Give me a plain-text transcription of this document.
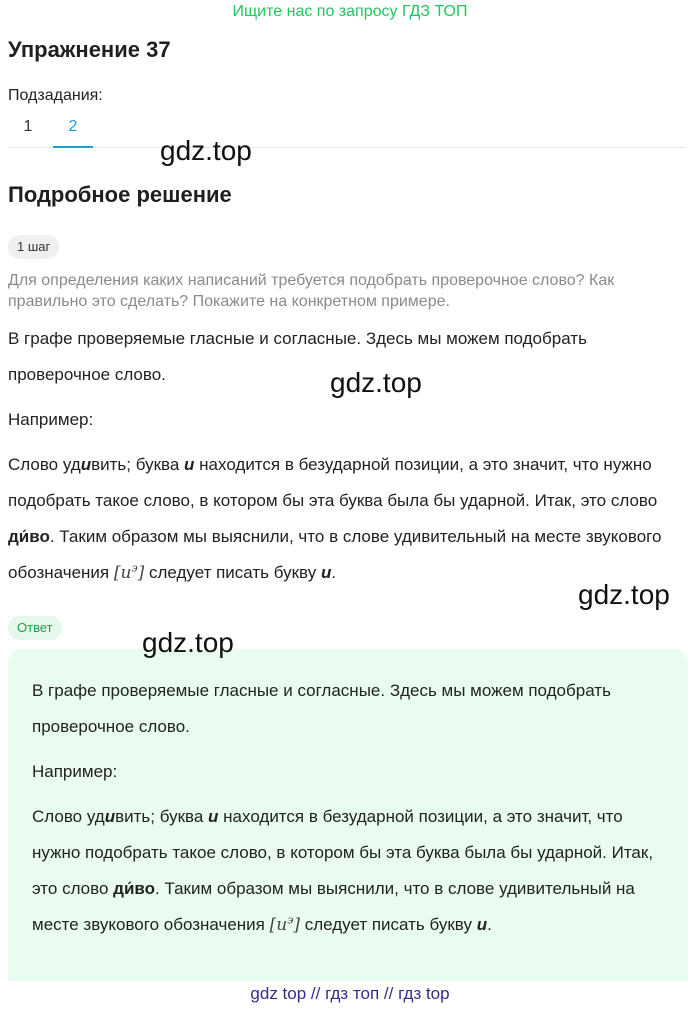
Ищите нас по запросу ГДЗ ТОП
Упражнение 37
Подзадания:
1	2
gdz.top
Подробное решение
1 шаг
Для определения каких написаний требуется подобрать проверочное слово? Как правильно это сделать? Покажите на конкретном примере.

В графе проверяемые гласные и согласные. Здесь мы можем подобрать проверочное слово.	gdz.top

Например:

Слово удивить; буква и находится в безударной позиции, а это значит, что нужно подобрать такое слово, в котором бы эта буква была бы ударной. Итак, это слово ди́во. Таким образом мы выяснили, что в слове удивительный на месте звукового обозначения $[и^э]$ следует писать букву и.

gdz.top
Ответ

В графе проверяемые гласные и согласные. Здесь мы можем подобрать проверочное слово.

Например:

Слово удивить; буква и находится в безударной позиции, а это значит, что нужно подобрать такое слово, в котором бы эта буква была бы ударной. Итак, это слово ди́во. Таким образом мы выяснили, что в слове удивительный на месте звукового обозначения $[и^э]$ следует писать букву и.

gdz.top
gdz top // гдз топ // гдз top
